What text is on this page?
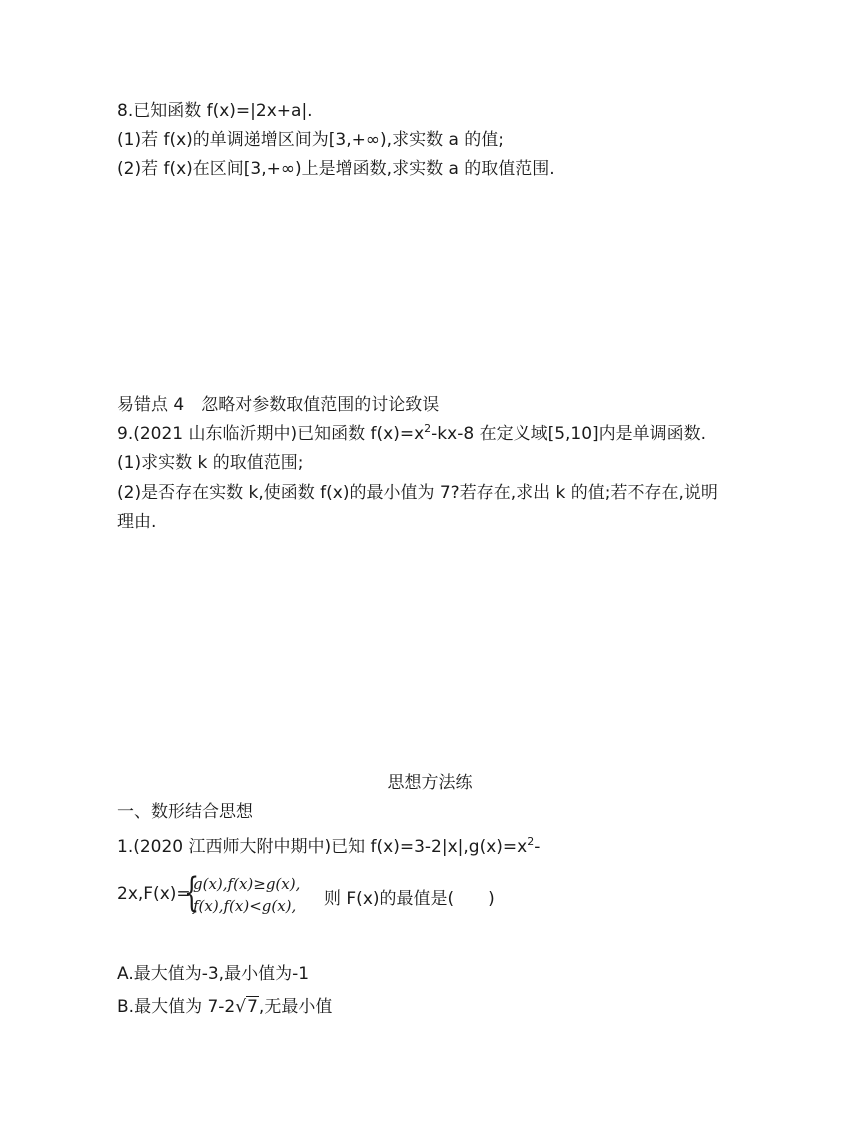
8.已知函数 f(x)=|2x+a|.
(1)若 f(x)的单调递增区间为[3,+∞),求实数 a 的值;
(2)若 f(x)在区间[3,+∞)上是增函数,求实数 a 的取值范围.
易错点 4　忽略对参数取值范围的讨论致误
9.(2021 山东临沂期中)已知函数 $f(x)=x^2-kx-8$ 在定义域[5,10]内是单调函数.
(1)求实数 k 的取值范围;
(2)是否存在实数 k,使函数 f(x)的最小值为 7?若存在,求出 k 的值;若不存在,说明
理由.
思想方法练
一、数形结合思想
1.(2020 江西师大附中期中)已知 $f(x)=3-2|x|,g(x)=x^2-$
2x,F(x)=
{
g(x),f(x)≥g(x),
f(x),f(x)<g(x), 则 F(x)的最值是(　　)
A.最大值为-3,最小值为-1
B.最大值为 7-2√7,无最小值
